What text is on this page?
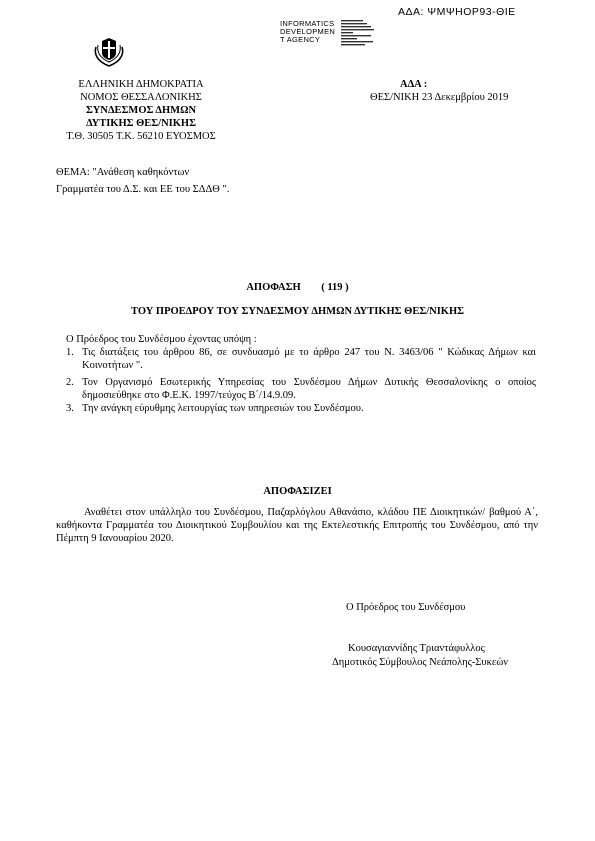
ΑΔΑ: ΨΜΨΗΟΡ93-ΘΙΕ
INFORMATICS
DEVELOPMEN
T AGENCY
ΕΛΛΗΝΙΚΗ ΔΗΜΟΚΡΑΤΙΑ
ΝΟΜΟΣ ΘΕΣΣΑΛΟΝΙΚΗΣ
ΣΥΝΔΕΣΜΟΣ ΔΗΜΩΝ
ΔΥΤΙΚΗΣ ΘΕΣ/ΝΙΚΗΣ
Τ.Θ. 30505 Τ.Κ. 56210 ΕΥΟΣΜΟΣ
ΑΔΑ :
ΘΕΣ/ΝΙΚΗ 23 Δεκεμβρίου 2019
ΘΕΜΑ: "Ανάθεση καθηκόντων
Γραμματέα του Δ.Σ. και ΕΕ του ΣΔΔΘ ".
ΑΠΟΦΑΣΗ ( 119 )
ΤΟΥ ΠΡΟΕΔΡΟΥ ΤΟΥ ΣΥΝΔΕΣΜΟΥ ΔΗΜΩΝ ΔΥΤΙΚΗΣ ΘΕΣ/ΝΙΚΗΣ
Ο Πρόεδρος του Συνδέσμου έχοντας υπόψη :
1. Τις διατάξεις του άρθρου 86, σε συνδυασμό με το άρθρο 247 του Ν. 3463/06 " Κώδικας Δήμων και Κοινοτήτων ".
2. Τον Οργανισμό Εσωτερικής Υπηρεσίας του Συνδέσμου Δήμων Δυτικής Θεσσαλονίκης ο οποίος δημοσιεύθηκε στο Φ.Ε.Κ. 1997/τεύχος Β΄/14.9.09.
3. Την ανάγκη εύρυθμης λειτουργίας των υπηρεσιών του Συνδέσμου.
ΑΠΟΦΑΣΙΖΕΙ
Αναθέτει στον υπάλληλο του Συνδέσμου, Παζαρλόγλου Αθανάσιο, κλάδου ΠΕ Διοικητικών/ βαθμού Α΄, καθήκοντα Γραμματέα του Διοικητικού Συμβουλίου και της Εκτελεστικής Επιτροπής του Συνδέσμου, από την Πέμπτη 9 Ιανουαρίου 2020.
Ο Πρόεδρος του Συνδέσμου
Κουσαγιαννίδης Τριαντάφυλλος
Δημοτικός Σύμβουλος Νεάπολης-Συκεών
